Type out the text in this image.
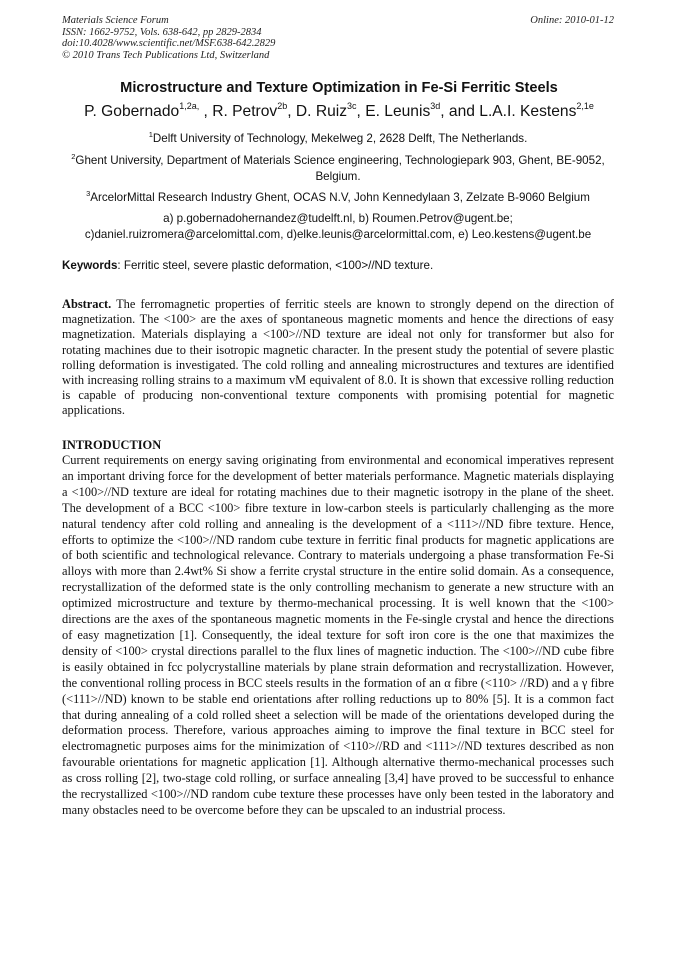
Materials Science Forum
ISSN: 1662-9752, Vols. 638-642, pp 2829-2834
doi:10.4028/www.scientific.net/MSF.638-642.2829
© 2010 Trans Tech Publications Ltd, Switzerland
Online: 2010-01-12
Microstructure and Texture Optimization in Fe-Si Ferritic Steels
P. Gobernado$^{1,2a,}$ , R. Petrov$^{2b}$, D. Ruiz$^{3c}$, E. Leunis$^{3d}$, and L.A.I. Kestens$^{2,1e}$
$^1$Delft University of Technology, Mekelweg 2, 2628 Delft, The Netherlands.
$^2$Ghent University, Department of Materials Science engineering, Technologiepark 903, Ghent, BE-9052, Belgium.
$^3$ArcelorMittal Research Industry Ghent, OCAS N.V, John Kennedylaan 3, Zelzate B-9060 Belgium
a) p.gobernadohernandez@tudelft.nl, b) Roumen.Petrov@ugent.be;
c)daniel.ruizromera@arcelomittal.com, d)elke.leunis@arcelormittal.com, e) Leo.kestens@ugent.be
Keywords: Ferritic steel, severe plastic deformation, <100>//ND texture.
Abstract. The ferromagnetic properties of ferritic steels are known to strongly depend on the direction of magnetization. The <100> are the axes of spontaneous magnetic moments and hence the directions of easy magnetization. Materials displaying a <100>//ND texture are ideal not only for transformer but also for rotating machines due to their isotropic magnetic character. In the present study the potential of severe plastic rolling deformation is investigated. The cold rolling and annealing microstructures and textures are identified with increasing rolling strains to a maximum vM equivalent of 8.0. It is shown that excessive rolling reduction is capable of producing non-conventional texture components with promising potential for magnetic applications.
INTRODUCTION
Current requirements on energy saving originating from environmental and economical imperatives represent an important driving force for the development of better materials performance. Magnetic materials displaying a <100>//ND texture are ideal for rotating machines due to their magnetic isotropy in the plane of the sheet. The development of a BCC <100> fibre texture in low-carbon steels is particularly challenging as the more natural tendency after cold rolling and annealing is the development of a <111>//ND fibre texture. Hence, efforts to optimize the <100>//ND random cube texture in ferritic final products for magnetic applications are of both scientific and technological relevance. Contrary to materials undergoing a phase transformation Fe-Si alloys with more than 2.4wt% Si show a ferrite crystal structure in the entire solid domain. As a consequence, recrystallization of the deformed state is the only controlling mechanism to generate a new structure with an optimized microstructure and texture by thermo-mechanical processing. It is well known that the <100> directions are the axes of the spontaneous magnetic moments in the Fe-single crystal and hence the directions of easy magnetization [1]. Consequently, the ideal texture for soft iron core is the one that maximizes the density of <100> crystal directions parallel to the flux lines of magnetic induction. The <100>//ND cube fibre is easily obtained in fcc polycrystalline materials by plane strain deformation and recrystallization. However, the conventional rolling process in BCC steels results in the formation of an α fibre (<110> //RD) and a γ fibre (<111>//ND) known to be stable end orientations after rolling reductions up to 80% [5]. It is a common fact that during annealing of a cold rolled sheet a selection will be made of the orientations developed during the deformation process. Therefore, various approaches aiming to improve the final texture in BCC steel for electromagnetic purposes aims for the minimization of <110>//RD and <111>//ND textures described as non favourable orientations for magnetic application [1]. Although alternative thermo-mechanical processes such as cross rolling [2], two-stage cold rolling, or surface annealing [3,4] have proved to be successful to enhance the recrystallized <100>//ND random cube texture these processes have only been tested in the laboratory and many obstacles need to be overcome before they can be upscaled to an industrial process.
